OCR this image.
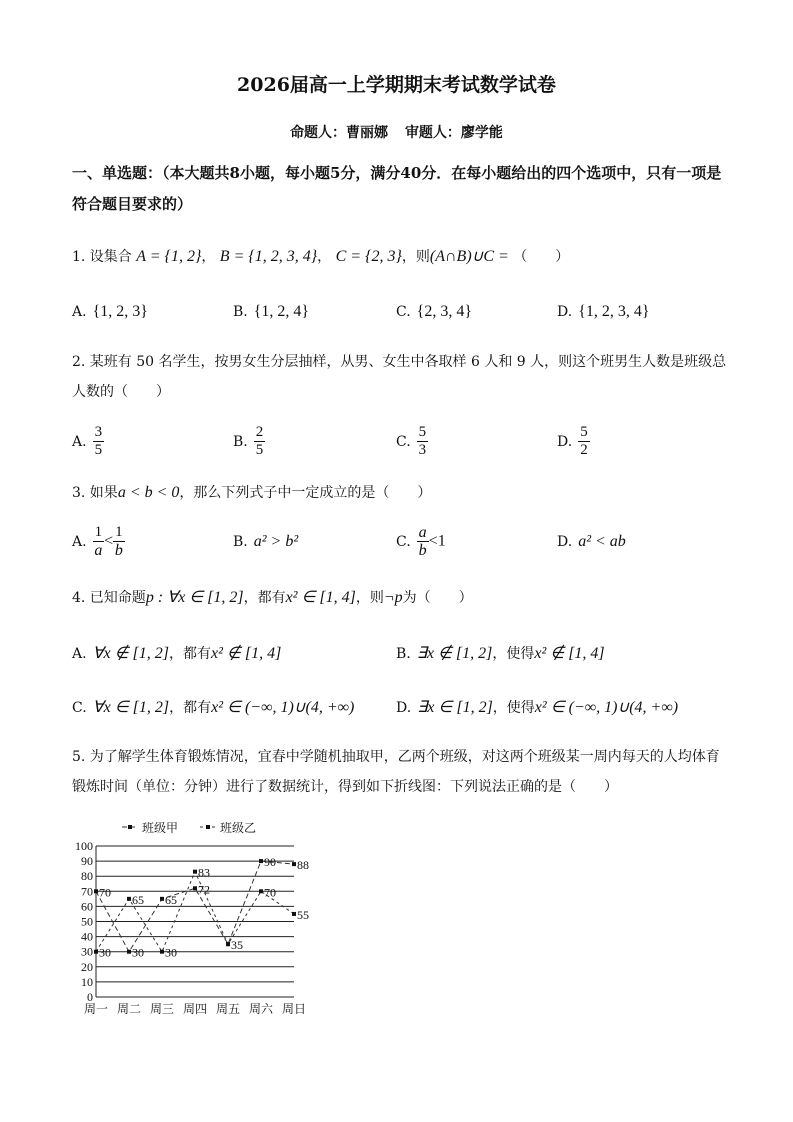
2026届高一上学期期末考试数学试卷
命题人：曹丽娜 审题人：廖学能
一、单选题：（本大题共8小题，每小题5分，满分40分．在每小题给出的四个选项中，只有一项是符合题目要求的）
1. 设集合 A = {1, 2}， B = {1, 2, 3, 4}， C = {2, 3}，则(A∩B)∪C = （　　）
A. {1, 2, 3}	B. {1, 2, 4}	C. {2, 3, 4}	D. {1, 2, 3, 4}
2. 某班有 50 名学生，按男女生分层抽样，从男、女生中各取样 6 人和 9 人，则这个班男生人数是班级总人数的（　　）
A. $\frac{3}{5}$	B. $\frac{2}{5}$	C. $\frac{5}{3}$	D. $\frac{5}{2}$
3. 如果a < b < 0，那么下列式子中一定成立的是（　　）
A. $\frac{1}{a} < \frac{1}{b}$	B. a² > b²	C. $\frac{a}{b} <1$	D. a² < ab
4. 已知命题p : ∀x ∈ [1, 2]，都有x² ∈ [1, 4]，则¬p为（　　）
A. ∀x ∉ [1, 2]，都有x² ∉ [1, 4]	B. ∃x ∉ [1, 2]，使得x² ∉ [1, 4]
C. ∀x ∈ [1, 2]，都有x² ∈ (−∞, 1)∪(4, +∞)	D. ∃x ∈ [1, 2]，使得x² ∈ (−∞, 1)∪(4, +∞)
5. 为了解学生体育锻炼情况，宜春中学随机抽取甲，乙两个班级，对这两个班级某一周内每天的人均体育锻炼时间（单位：分钟）进行了数据统计，得到如下折线图：下列说法正确的是（　　）
班级甲	班级乙
0
10
20
30
40
50
60
70
80
90
100
周一 周二 周三 周四 周五 周六 周日
70
30
65
30
65
30
83
72
35
90
70
88
55
